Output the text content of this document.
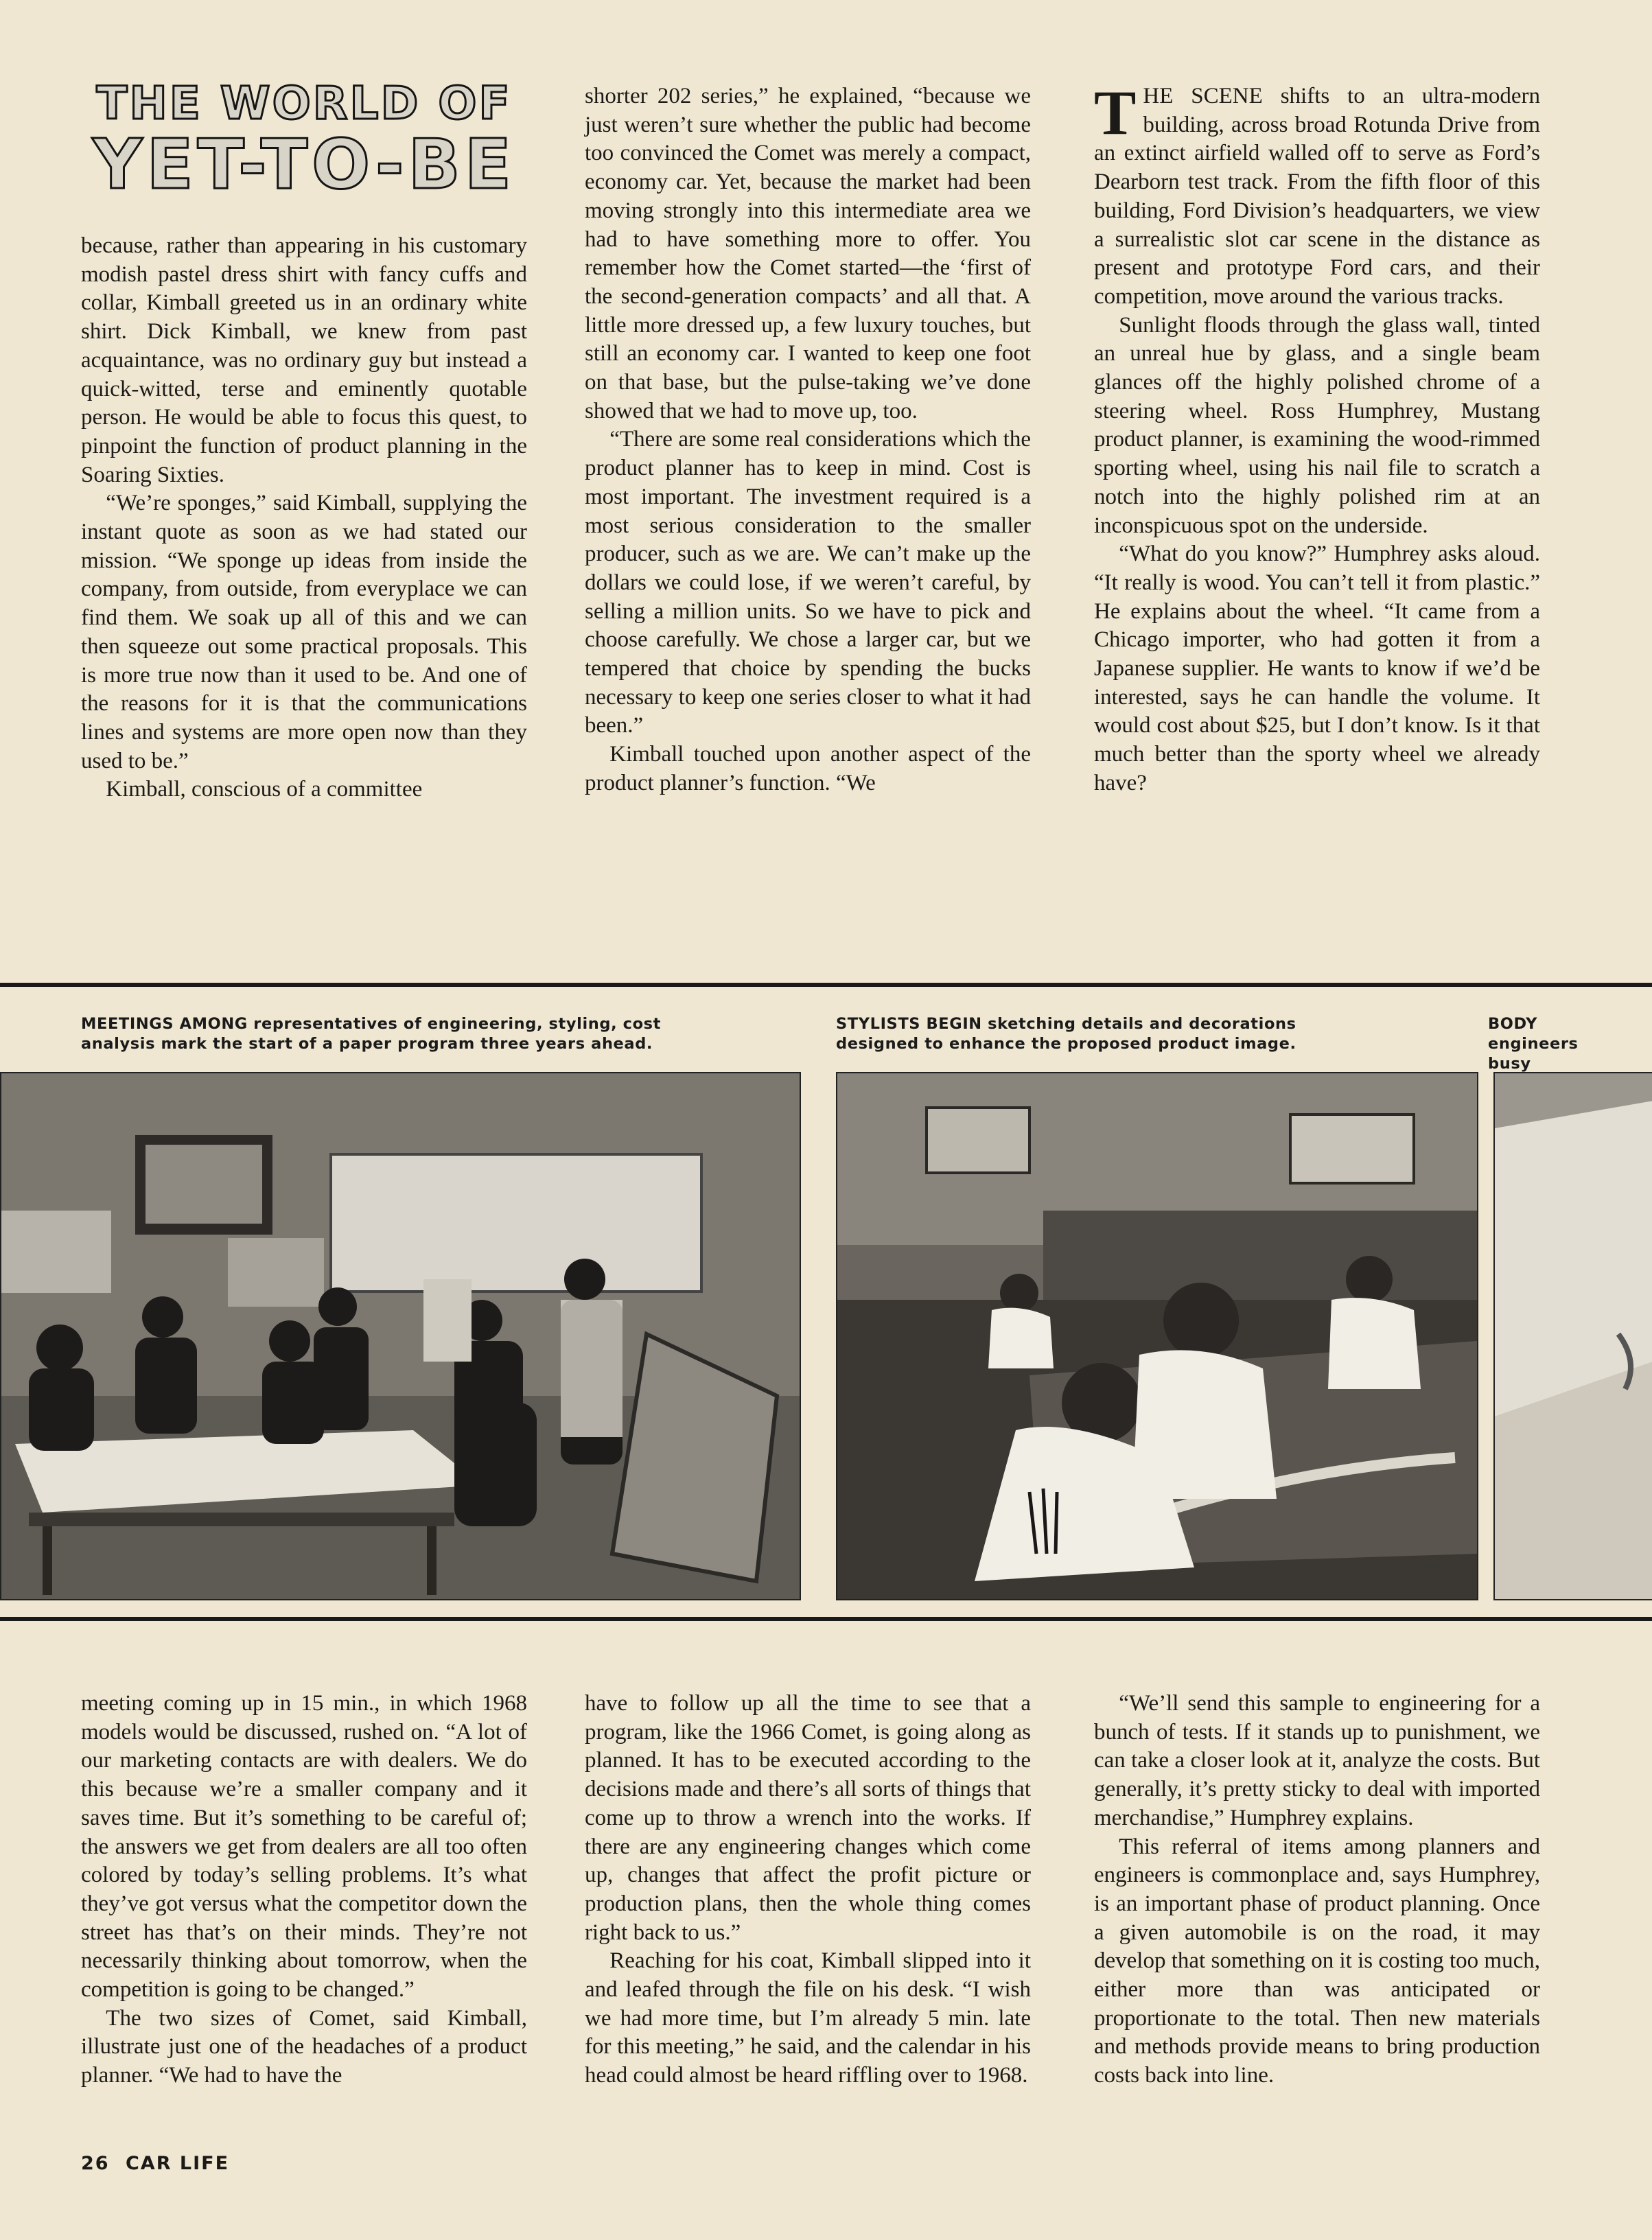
THE WORLD OF
YET-TO-BE

because, rather than appearing in his customary modish pastel dress shirt with fancy cuffs and collar, Kimball greeted us in an ordinary white shirt. Dick Kimball, we knew from past acquaintance, was no ordinary guy but instead a quick-witted, terse and eminently quotable person. He would be able to focus this quest, to pinpoint the function of product planning in the Soaring Sixties.

“We’re sponges,” said Kimball, supplying the instant quote as soon as we had stated our mission. “We sponge up ideas from inside the company, from outside, from everyplace we can find them. We soak up all of this and we can then squeeze out some practical proposals. This is more true now than it used to be. And one of the reasons for it is that the communications lines and systems are more open now than they used to be.”

Kimball, conscious of a committee

shorter 202 series,” he explained, “because we just weren’t sure whether the public had become too convinced the Comet was merely a compact, economy car. Yet, because the market had been moving strongly into this intermediate area we had to have something more to offer. You remember how the Comet started—the ‘first of the second-generation compacts’ and all that. A little more dressed up, a few luxury touches, but still an economy car. I wanted to keep one foot on that base, but the pulse-taking we’ve done showed that we had to move up, too.

“There are some real considerations which the product planner has to keep in mind. Cost is most important. The investment required is a most serious consideration to the smaller producer, such as we are. We can’t make up the dollars we could lose, if we weren’t careful, by selling a million units. So we have to pick and choose carefully. We chose a larger car, but we tempered that choice by spending the bucks necessary to keep one series closer to what it had been.”

Kimball touched upon another aspect of the product planner’s function. “We

THE SCENE shifts to an ultra-modern building, across broad Rotunda Drive from an extinct airfield walled off to serve as Ford’s Dearborn test track. From the fifth floor of this building, Ford Division’s headquarters, we view a surrealistic slot car scene in the distance as present and prototype Ford cars, and their competition, move around the various tracks.

Sunlight floods through the glass wall, tinted an unreal hue by glass, and a single beam glances off the highly polished chrome of a steering wheel. Ross Humphrey, Mustang product planner, is examining the wood-rimmed sporting wheel, using his nail file to scratch a notch into the highly polished rim at an inconspicuous spot on the underside.

“What do you know?” Humphrey asks aloud. “It really is wood. You can’t tell it from plastic.” He explains about the wheel. “It came from a Chicago importer, who had gotten it from a Japanese supplier. He wants to know if we’d be interested, says he can handle the volume. It would cost about $25, but I don’t know. Is it that much better than the sporty wheel we already have?

MEETINGS AMONG representatives of engineering, styling, cost analysis mark the start of a paper program three years ahead.
STYLISTS BEGIN sketching details and decorations designed to enhance the proposed product image.
BODY engineers busy

meeting coming up in 15 min., in which 1968 models would be discussed, rushed on. “A lot of our marketing contacts are with dealers. We do this because we’re a smaller company and it saves time. But it’s something to be careful of; the answers we get from dealers are all too often colored by today’s selling problems. It’s what they’ve got versus what the competitor down the street has that’s on their minds. They’re not necessarily thinking about tomorrow, when the competition is going to be changed.”

The two sizes of Comet, said Kimball, illustrate just one of the headaches of a product planner. “We had to have the

have to follow up all the time to see that a program, like the 1966 Comet, is going along as planned. It has to be executed according to the decisions made and there’s all sorts of things that come up to throw a wrench into the works. If there are any engineering changes which come up, changes that affect the profit picture or production plans, then the whole thing comes right back to us.”

Reaching for his coat, Kimball slipped into it and leafed through the file on his desk. “I wish we had more time, but I’m already 5 min. late for this meeting,” he said, and the calendar in his head could almost be heard riffling over to 1968.

“We’ll send this sample to engineering for a bunch of tests. If it stands up to punishment, we can take a closer look at it, analyze the costs. But generally, it’s pretty sticky to deal with imported merchandise,” Humphrey explains.

This referral of items among planners and engineers is commonplace and, says Humphrey, is an important phase of product planning. Once a given automobile is on the road, it may develop that something on it is costing too much, either more than was anticipated or proportionate to the total. Then new materials and methods provide means to bring production costs back into line.

26 CAR LIFE
